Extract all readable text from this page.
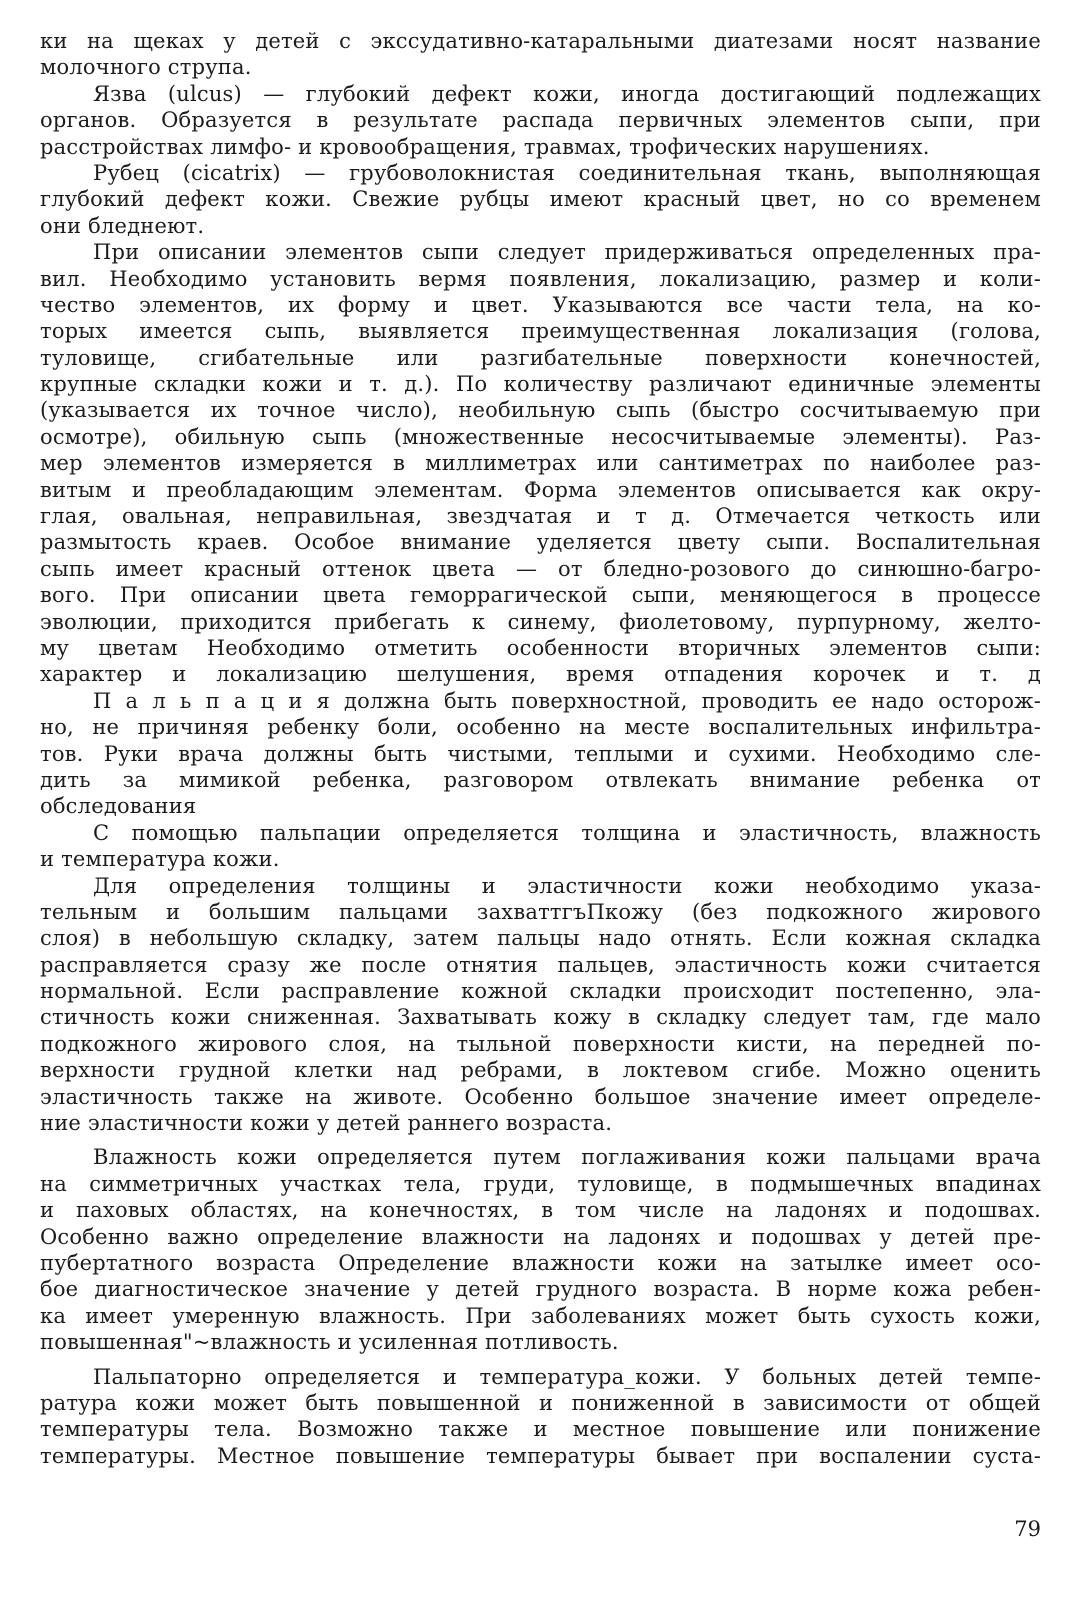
ки на щеках у детей с экссудативно-катаральными диатезами носят название
молочного струпа.
Язва (ulcus) — глубокий дефект кожи, иногда достигающий подлежащих
органов. Образуется в результате распада первичных элементов сыпи, при
расстройствах лимфо- и кровообращения, травмах, трофических нарушениях.
Рубец (cicatrix) — грубоволокнистая соединительная ткань, выполняющая
глубокий дефект кожи. Свежие рубцы имеют красный цвет, но со временем
они бледнеют.
При описании элементов сыпи следует придерживаться определенных пра-
вил. Необходимо установить вермя появления, локализацию, размер и коли-
чество элементов, их форму и цвет. Указываются все части тела, на ко-
торых имеется сыпь, выявляется преимущественная локализация (голова,
туловище, сгибательные или разгибательные поверхности конечностей,
крупные складки кожи и т. д.). По количеству различают единичные элементы
(указывается их точное число), необильную сыпь (быстро сосчитываемую при
осмотре), обильную сыпь (множественные несосчитываемые элементы). Раз-
мер элементов измеряется в миллиметрах или сантиметрах по наиболее раз-
витым и преобладающим элементам. Форма элементов описывается как окру-
глая, овальная, неправильная, звездчатая и т д. Отмечается четкость или
размытость краев. Особое внимание уделяется цвету сыпи. Воспалительная
сыпь имеет красный оттенок цвета — от бледно-розового до синюшно-багро-
вого. При описании цвета геморрагической сыпи, меняющегося в процессе
эволюции, приходится прибегать к синему, фиолетовому, пурпурному, желто-
му цветам Необходимо отметить особенности вторичных элементов сыпи:
характер и локализацию шелушения, время отпадения корочек и т. д
П а л ь п а ц и я должна быть поверхностной, проводить ее надо осторож-
но, не причиняя ребенку боли, особенно на месте воспалительных инфильтра-
тов. Руки врача должны быть чистыми, теплыми и сухими. Необходимо сле-
дить за мимикой ребенка, разговором отвлекать внимание ребенка от
обследования
С помощью пальпации определяется толщина и эластичность, влажность
и температура кожи.
Для определения толщины и эластичности кожи необходимо указа-
тельным и большим пальцами захваттгъПкожу (без подкожного жирового
слоя) в небольшую складку, затем пальцы надо отнять. Если кожная складка
расправляется сразу же после отнятия пальцев, эластичность кожи считается
нормальной. Если расправление кожной складки происходит постепенно, эла-
стичность кожи сниженная. Захватывать кожу в складку следует там, где мало
подкожного жирового слоя, на тыльной поверхности кисти, на передней по-
верхности грудной клетки над ребрами, в локтевом сгибе. Можно оценить
эластичность также на животе. Особенно большое значение имеет определе-
ние эластичности кожи у детей раннего возраста.
Влажность кожи определяется путем поглаживания кожи пальцами врача
на симметричных участках тела, груди, туловище, в подмышечных впадинах
и паховых областях, на конечностях, в том числе на ладонях и подошвах.
Особенно важно определение влажности на ладонях и подошвах у детей пре-
пубертатного возраста Определение влажности кожи на затылке имеет осо-
бое диагностическое значение у детей грудного возраста. В норме кожа ребен-
ка имеет умеренную влажность. При заболеваниях может быть сухость кожи,
повышенная"~влажность и усиленная потливость.
Пальпаторно определяется и температура_кожи. У больных детей темпе-
ратура кожи может быть повышенной и пониженной в зависимости от общей
температуры тела. Возможно также и местное повышение или понижение
температуры. Местное повышение температуры бывает при воспалении суста-
79
